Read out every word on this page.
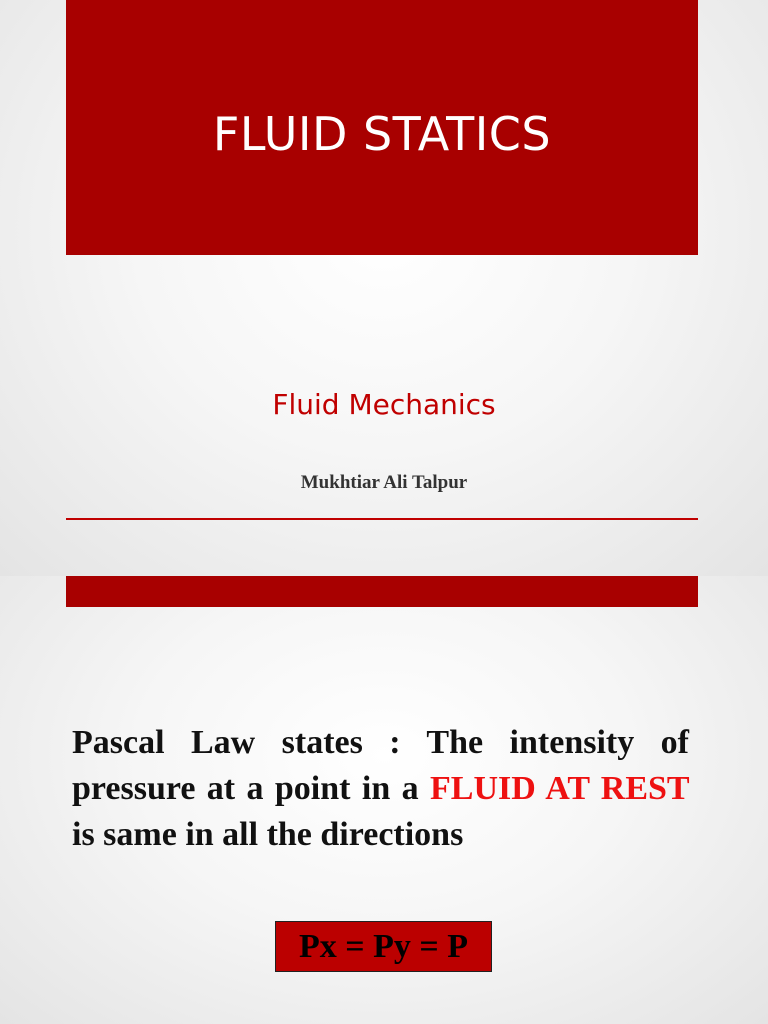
FLUID STATICS
Fluid Mechanics
Mukhtiar Ali Talpur

Pascal Law states : The intensity of pressure at a point in a FLUID AT REST is same in all the directions

Px = Py = P
